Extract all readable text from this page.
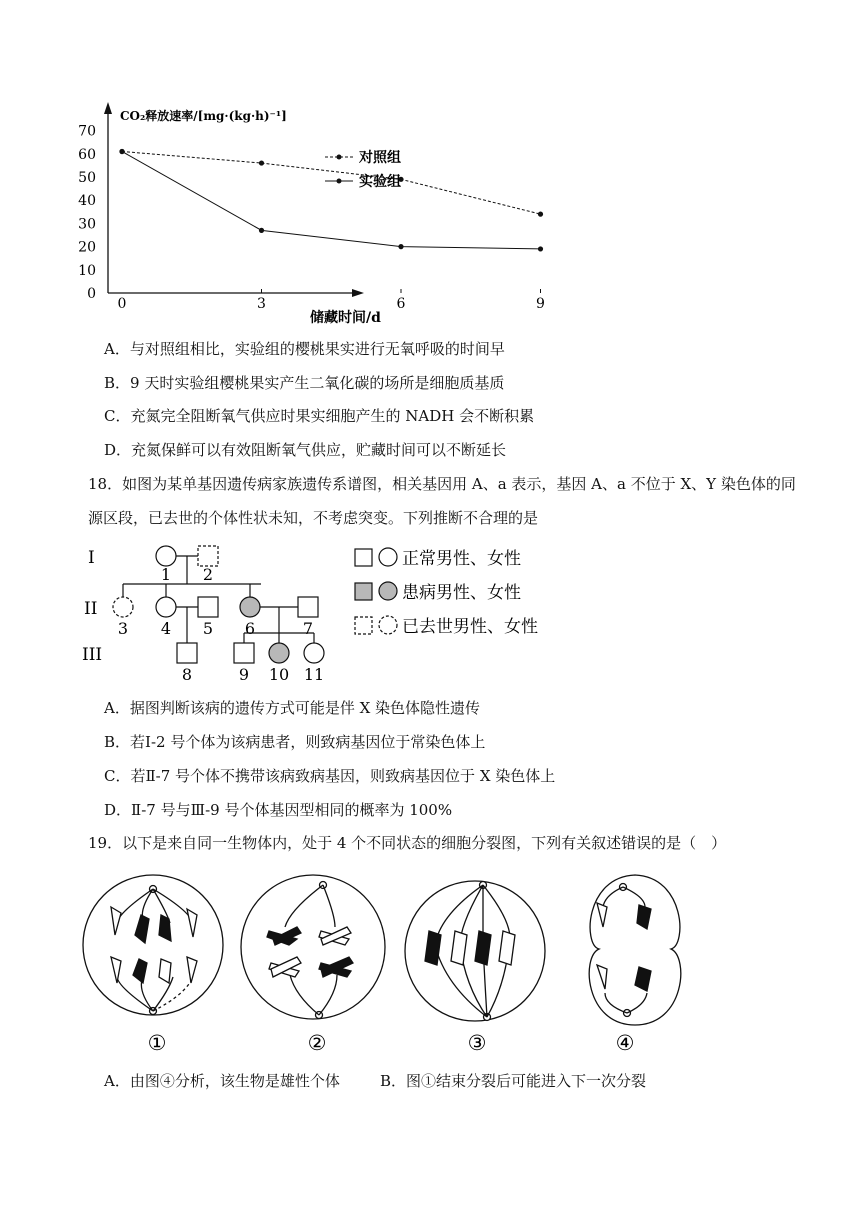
CO₂释放速率/[mg·(kg·h)⁻¹]
储藏时间/d
0
10
20
30
40
50
60
70
0	3	6	9
对照组
实验组
A．与对照组相比，实验组的樱桃果实进行无氧呼吸的时间早
B．9 天时实验组樱桃果实产生二氧化碳的场所是细胞质基质
C．充氮完全阻断氧气供应时果实细胞产生的 NADH 会不断积累
D．充氮保鲜可以有效阻断氧气供应，贮藏时间可以不断延长
18．如图为某单基因遗传病家族遗传系谱图，相关基因用 A、a 表示，基因 A、a 不位于 X、Y 染色体的同
源区段，已去世的个体性状未知，不考虑突变。下列推断不合理的是
I
II
III
1 2
3 4 5 6	7
8	9 10 11
正常男性、女性
患病男性、女性
已去世男性、女性
A．据图判断该病的遗传方式可能是伴 X 染色体隐性遗传
B．若Ⅰ-2 号个体为该病患者，则致病基因位于常染色体上
C．若Ⅱ-7 号个体不携带该病致病基因，则致病基因位于 X 染色体上
D．Ⅱ-7 号与Ⅲ-9 号个体基因型相同的概率为 100%
19．以下是来自同一生物体内，处于 4 个不同状态的细胞分裂图，下列有关叙述错误的是（　）
①	②	③	④
A．由图④分析，该生物是雄性个体	B．图①结束分裂后可能进入下一次分裂
